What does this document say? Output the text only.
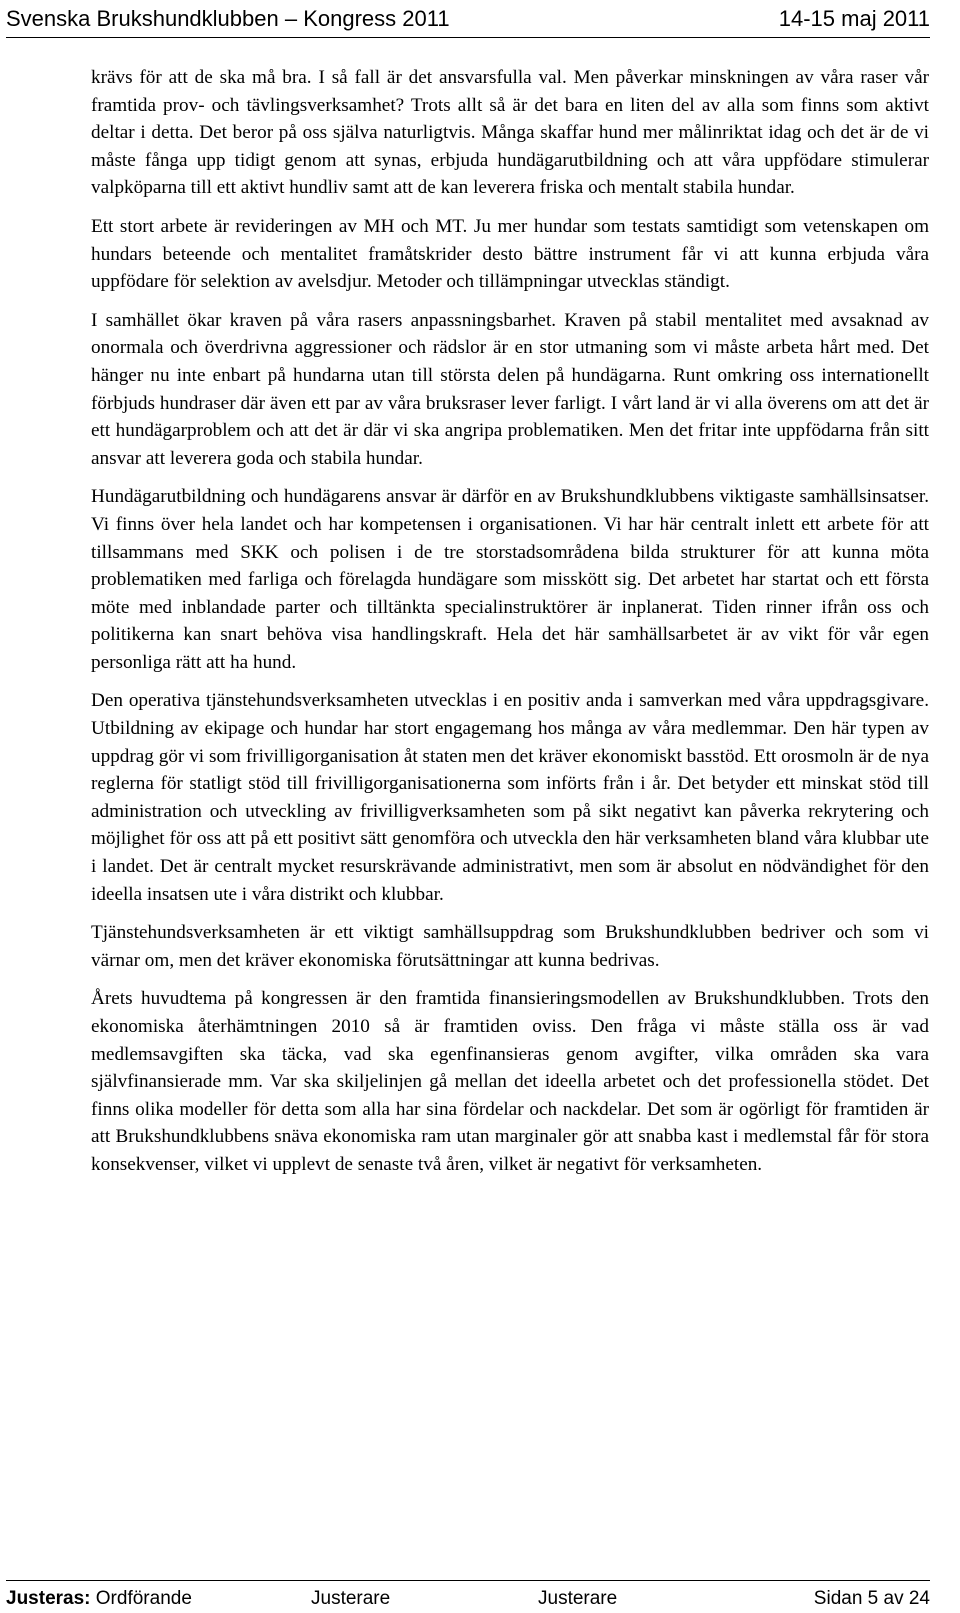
Svenska Brukshundklubben – Kongress 2011	14-15 maj 2011

krävs för att de ska må bra. I så fall är det ansvarsfulla val. Men påverkar minskningen av våra raser vår framtida prov- och tävlingsverksamhet? Trots allt så är det bara en liten del av alla som finns som aktivt deltar i detta. Det beror på oss själva naturligtvis. Många skaffar hund mer målinriktat idag och det är de vi måste fånga upp tidigt genom att synas, erbjuda hundägarutbildning och att våra uppfödare stimulerar valpköparna till ett aktivt hundliv samt att de kan leverera friska och mentalt stabila hundar.

Ett stort arbete är revideringen av MH och MT. Ju mer hundar som testats samtidigt som vetenskapen om hundars beteende och mentalitet framåtskrider desto bättre instrument får vi att kunna erbjuda våra uppfödare för selektion av avelsdjur. Metoder och tillämpningar utvecklas ständigt.

I samhället ökar kraven på våra rasers anpassningsbarhet. Kraven på stabil mentalitet med avsaknad av onormala och överdrivna aggressioner och rädslor är en stor utmaning som vi måste arbeta hårt med. Det hänger nu inte enbart på hundarna utan till största delen på hundägarna. Runt omkring oss internationellt förbjuds hundraser där även ett par av våra bruksraser lever farligt. I vårt land är vi alla överens om att det är ett hundägarproblem och att det är där vi ska angripa problematiken. Men det fritar inte uppfödarna från sitt ansvar att leverera goda och stabila hundar.

Hundägarutbildning och hundägarens ansvar är därför en av Brukshundklubbens viktigaste samhällsinsatser. Vi finns över hela landet och har kompetensen i organisationen. Vi har här centralt inlett ett arbete för att tillsammans med SKK och polisen i de tre storstadsområdena bilda strukturer för att kunna möta problematiken med farliga och förelagda hundägare som misskött sig. Det arbetet har startat och ett första möte med inblandade parter och tilltänkta specialinstruktörer är inplanerat. Tiden rinner ifrån oss och politikerna kan snart behöva visa handlingskraft. Hela det här samhällsarbetet är av vikt för vår egen personliga rätt att ha hund.

Den operativa tjänstehundsverksamheten utvecklas i en positiv anda i samverkan med våra uppdragsgivare. Utbildning av ekipage och hundar har stort engagemang hos många av våra medlemmar. Den här typen av uppdrag gör vi som frivilligorganisation åt staten men det kräver ekonomiskt basstöd. Ett orosmoln är de nya reglerna för statligt stöd till frivilligorganisationerna som införts från i år. Det betyder ett minskat stöd till administration och utveckling av frivilligverksamheten som på sikt negativt kan påverka rekrytering och möjlighet för oss att på ett positivt sätt genomföra och utveckla den här verksamheten bland våra klubbar ute i landet. Det är centralt mycket resurskrävande administrativt, men som är absolut en nödvändighet för den ideella insatsen ute i våra distrikt och klubbar.

Tjänstehundsverksamheten är ett viktigt samhällsuppdrag som Brukshundklubben bedriver och som vi värnar om, men det kräver ekonomiska förutsättningar att kunna bedrivas.

Årets huvudtema på kongressen är den framtida finansieringsmodellen av Brukshundklubben. Trots den ekonomiska återhämtningen 2010 så är framtiden oviss. Den fråga vi måste ställa oss är vad medlemsavgiften ska täcka, vad ska egenfinansieras genom avgifter, vilka områden ska vara självfinansierade mm. Var ska skiljelinjen gå mellan det ideella arbetet och det professionella stödet. Det finns olika modeller för detta som alla har sina fördelar och nackdelar. Det som är ogörligt för framtiden är att Brukshundklubbens snäva ekonomiska ram utan marginaler gör att snabba kast i medlemstal får för stora konsekvenser, vilket vi upplevt de senaste två åren, vilket är negativt för verksamheten.

Justeras: Ordförande	Justerare	Justerare	Sidan 5 av 24
